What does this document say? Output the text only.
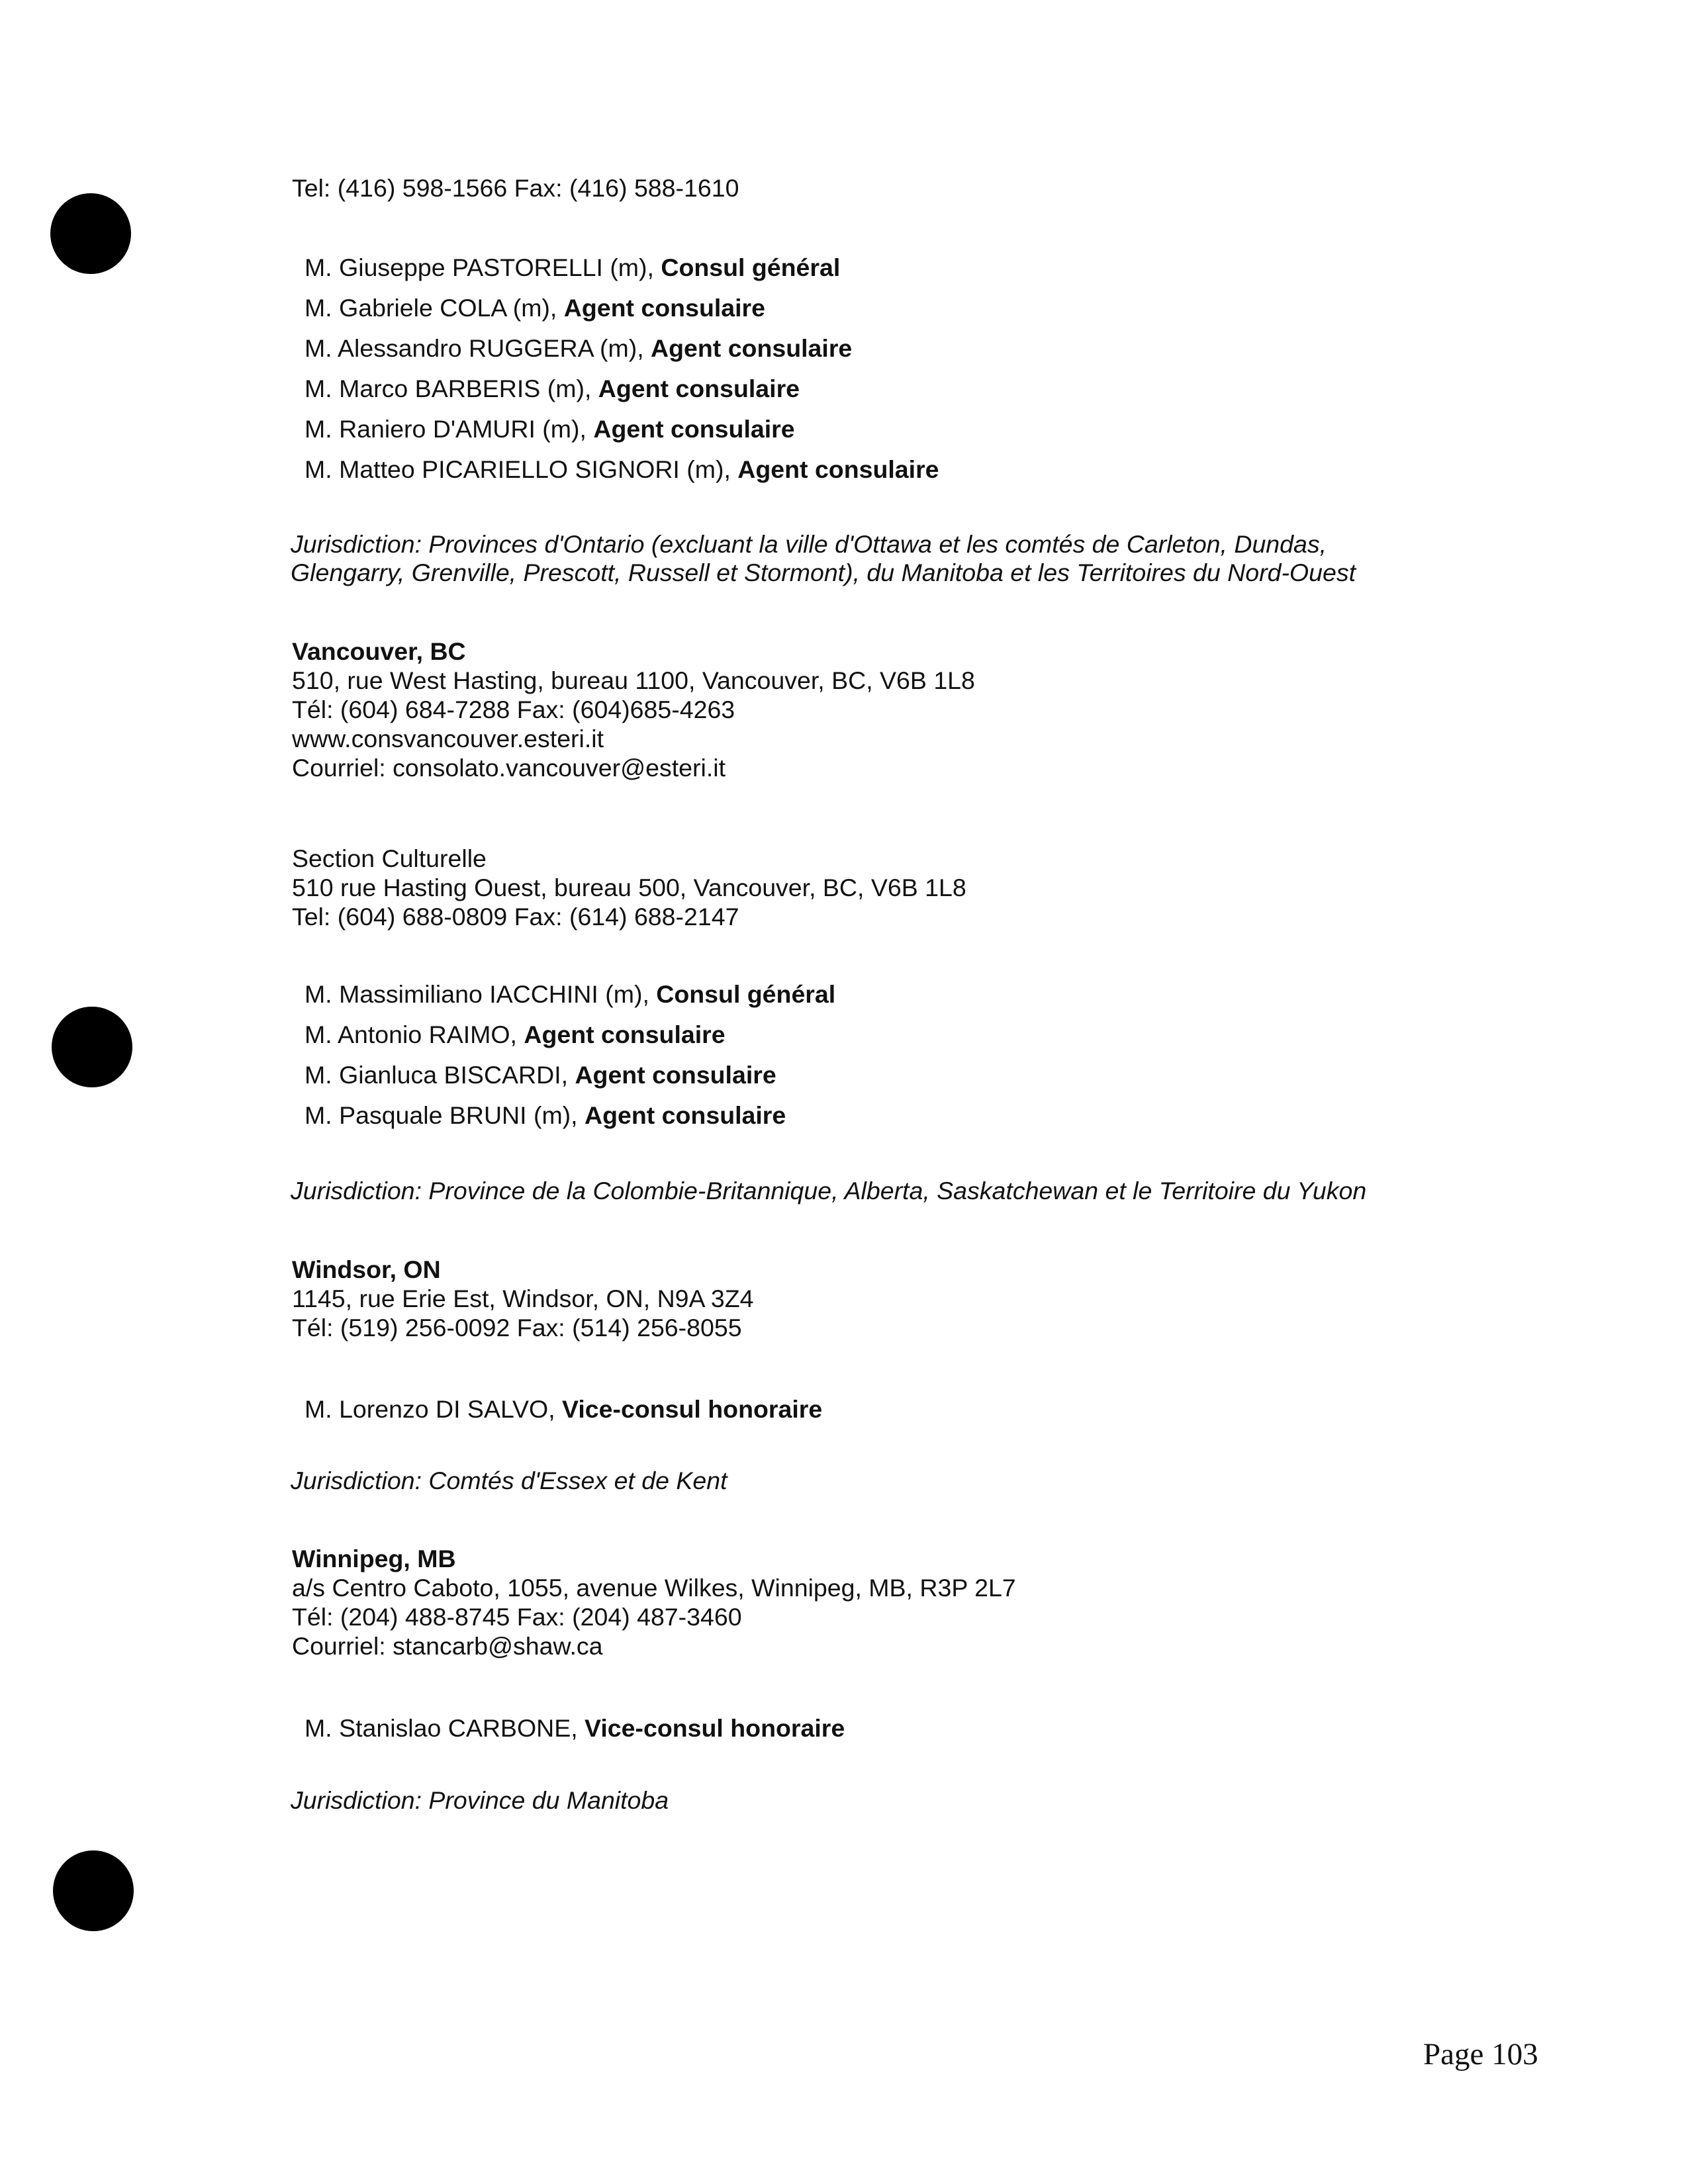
Tel: (416) 598-1566 Fax: (416) 588-1610
M. Giuseppe PASTORELLI (m), Consul général
M. Gabriele COLA (m), Agent consulaire
M. Alessandro RUGGERA (m), Agent consulaire
M. Marco BARBERIS (m), Agent consulaire
M. Raniero D'AMURI (m), Agent consulaire
M. Matteo PICARIELLO SIGNORI (m), Agent consulaire
Jurisdiction: Provinces d'Ontario (excluant la ville d'Ottawa et les comtés de Carleton, Dundas,
Glengarry, Grenville, Prescott, Russell et Stormont), du Manitoba et les Territoires du Nord-Ouest
Vancouver, BC
510, rue West Hasting, bureau 1100, Vancouver, BC, V6B 1L8
Tél: (604) 684-7288 Fax: (604)685-4263
www.consvancouver.esteri.it
Courriel: consolato.vancouver@esteri.it
Section Culturelle
510 rue Hasting Ouest, bureau 500, Vancouver, BC, V6B 1L8
Tel: (604) 688-0809 Fax: (614) 688-2147
M. Massimiliano IACCHINI (m), Consul général
M. Antonio RAIMO, Agent consulaire
M. Gianluca BISCARDI, Agent consulaire
M. Pasquale BRUNI (m), Agent consulaire
Jurisdiction: Province de la Colombie-Britannique, Alberta, Saskatchewan et le Territoire du Yukon
Windsor, ON
1145, rue Erie Est, Windsor, ON, N9A 3Z4
Tél: (519) 256-0092 Fax: (514) 256-8055
M. Lorenzo DI SALVO, Vice-consul honoraire
Jurisdiction: Comtés d'Essex et de Kent
Winnipeg, MB
a/s Centro Caboto, 1055, avenue Wilkes, Winnipeg, MB, R3P 2L7
Tél: (204) 488-8745 Fax: (204) 487-3460
Courriel: stancarb@shaw.ca
M. Stanislao CARBONE, Vice-consul honoraire
Jurisdiction: Province du Manitoba
Page 103
